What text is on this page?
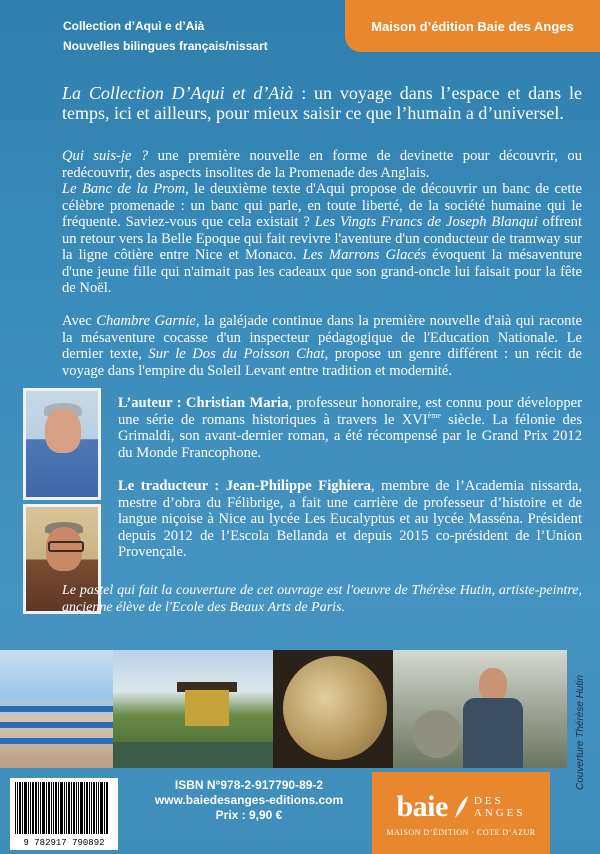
Collection d’Aquì e d’Aià
Nouvelles bilingues français/nissart
Maison d’édition Baie des Anges

La Collection D’Aqui et d’Aià : un voyage dans l’espace et dans le temps, ici et ailleurs, pour mieux saisir ce que l’humain a d’universel.

Qui suis-je ? une première nouvelle en forme de devinette pour découvrir, ou redécouvrir, des aspects insolites de la Promenade des Anglais.

Le Banc de la Prom, le deuxième texte d'Aqui propose de découvrir un banc de cette célèbre promenade : un banc qui parle, en toute liberté, de la société humaine qui le fréquente. Saviez-vous que cela existait ? Les Vingts Francs de Joseph Blanqui offrent un retour vers la Belle Epoque qui fait revivre l'aventure d'un conducteur de tramway sur la ligne côtière entre Nice et Monaco. Les Marrons Glacés évoquent la mésaventure d'une jeune fille qui n'aimait pas les cadeaux que son grand-oncle lui faisait pour la fête de Noël.

Avec Chambre Garnie, la galéjade continue dans la première nouvelle d'aià qui raconte la mésaventure cocasse d'un inspecteur pédagogique de l'Education Nationale. Le dernier texte, Sur le Dos du Poisson Chat, propose un genre différent : un récit de voyage dans l'empire du Soleil Levant entre tradition et modernité.

L’auteur : Christian Maria, professeur honoraire, est connu pour développer une série de romans historiques à travers le XVIème siècle. La félonie des Grimaldi, son avant-dernier roman, a été récompensé par le Grand Prix 2012 du Monde Francophone.

Le traducteur : Jean-Philippe Fighiera, membre de l’Academia nissarda, mestre d’obra du Félibrige, a fait une carrière de professeur d’histoire et de langue niçoise à Nice au lycée Les Eucalyptus et au lycée Masséna. Président depuis 2012 de l’Escola Bellanda et depuis 2015 co-président de l’Union Provençale.

Le pastel qui fait la couverture de cet ouvrage est l'oeuvre de Thérèse Hutin, artiste-peintre, ancienne élève de l'Ecole des Beaux Arts de Paris.

Couverture Thérèse Hutin
9 782917 790892
ISBN N°978-2-917790-89-2
www.baiedesanges-editions.com
Prix : 9,90 €	baie DES
ANGES
MAISON D’ÉDITION · COTE D’AZUR
